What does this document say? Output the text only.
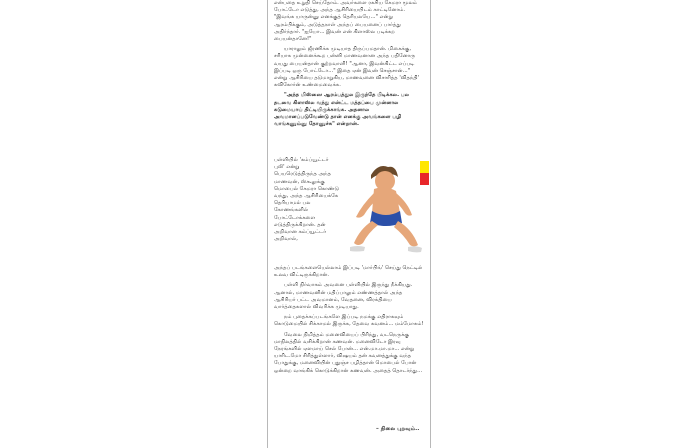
என்பதை உறுதி செய்தோம். அவர்களை ரகசிய கேமரா மூலம் போட்டோ எடுத்து, அந்த ஆசிரியையிடம் காட்டினோம். "இவங்க யாருன்னு எனக்குத் தெரியலயே..." என்று ஆரம்பிக்கும், அடுத்தநாள் அந்தப் பையனைப் பார்த்து அதிர்ந்தார். "ஐயோ... இவன் என் கிளாஸ்ல படிக்கற பையன்தானே!"

யாராலும் ஜீரணிக்க முடியாத திருப்பமதான். மிகைக்கு, சரியாக முன்னைக்கூற பன்னி மாணவனான அந்த பதினோரு வயது பையன்தான் குற்றவாளி! "ஆனா, இவன்கிட்ட எப்படி இப்படி ஒரு போட்டோ..." இதை ஏன் இவன் செஞ்சான்..." என்று ஆசிரியை தடுமாறுகிய, மாணவனை விசாரித்த 'விதந்தி' கவிகோர்ன் உண்மைவைக்க.

"அந்த மிஸ்ஸை ஆரம்பத்துல இருந்தே பிடிக்கல. பல தடவை கிளாஸ்ல வந்து என்ட்ட மத்தப்பை முன்னால கடுமையாய் திட்டியிருக்காங்க. அதனால அவமானப்படுவேண்டு தான் எனக்கு அவங்களை பழி வாங்கணும்னு தோணுச்சு" என்றான்.

பள்ளியில் 'கம்ப்யூட்டர் புலி' என்று பெயரெடுத்திருந்த அந்த மாணவன், ஸ்கூலுக்கு மொபைல் கேமரா கொண்டு வந்து, அந்த ஆசிரியைக்கே தெரியாமல் பல கோணங்களில் போட்டோக்களை எடுத்திருக்கிறான். தன் அறிவான கம்ப்யூட்டர் அறிவால்,

அந்தப் படங்களையெல்லாம் இப்படி 'மார்பிங்' செய்து நெட்டில் உலவ விட்டிருக்கிறான்.

பள்ளி நிர்வாகம் அவனை பள்ளியில் இருந்து நீக்கியது. ஆனால், மாணவனின் மதிப்பாலும் எண்ணத்தால் அந்த ஆசிரியர் பட்ட அவமானம், வேதனை, விரக்தியை வார்த்தைகளால் விவரிக்க முடியாது.

நம் புதைக்கப்படங்களே இப்படி நமக்கு எதிராகவும் கொடுமையில் சிக்காமல் இருக்க, தேவை கவனம்... மம்மோசும்!

வேலை நிமித்தம் மனைவியைப் பிரிந்து, வடநெருக்கு மாநிலத்தில் வசிக்கிறான் கணவன். மனைவிடோ இரவு நேரங்களில் ஏளமாய் செல் போன்... என்.மா.மா.மா... என்று யாரிட.மோ சிரித்துள்ளார், விஷயம் தன் கவனத்துக்கு வந்த போதுக்கு, மனைவியின் புதுஞ்ச பழித்தான் மொபைல் போன் ஒன்றை வாங்கிக் கொடுக்கிறான் கணவன். அதைத் தொடர்ந்து...

– நிலை புறவும்..
